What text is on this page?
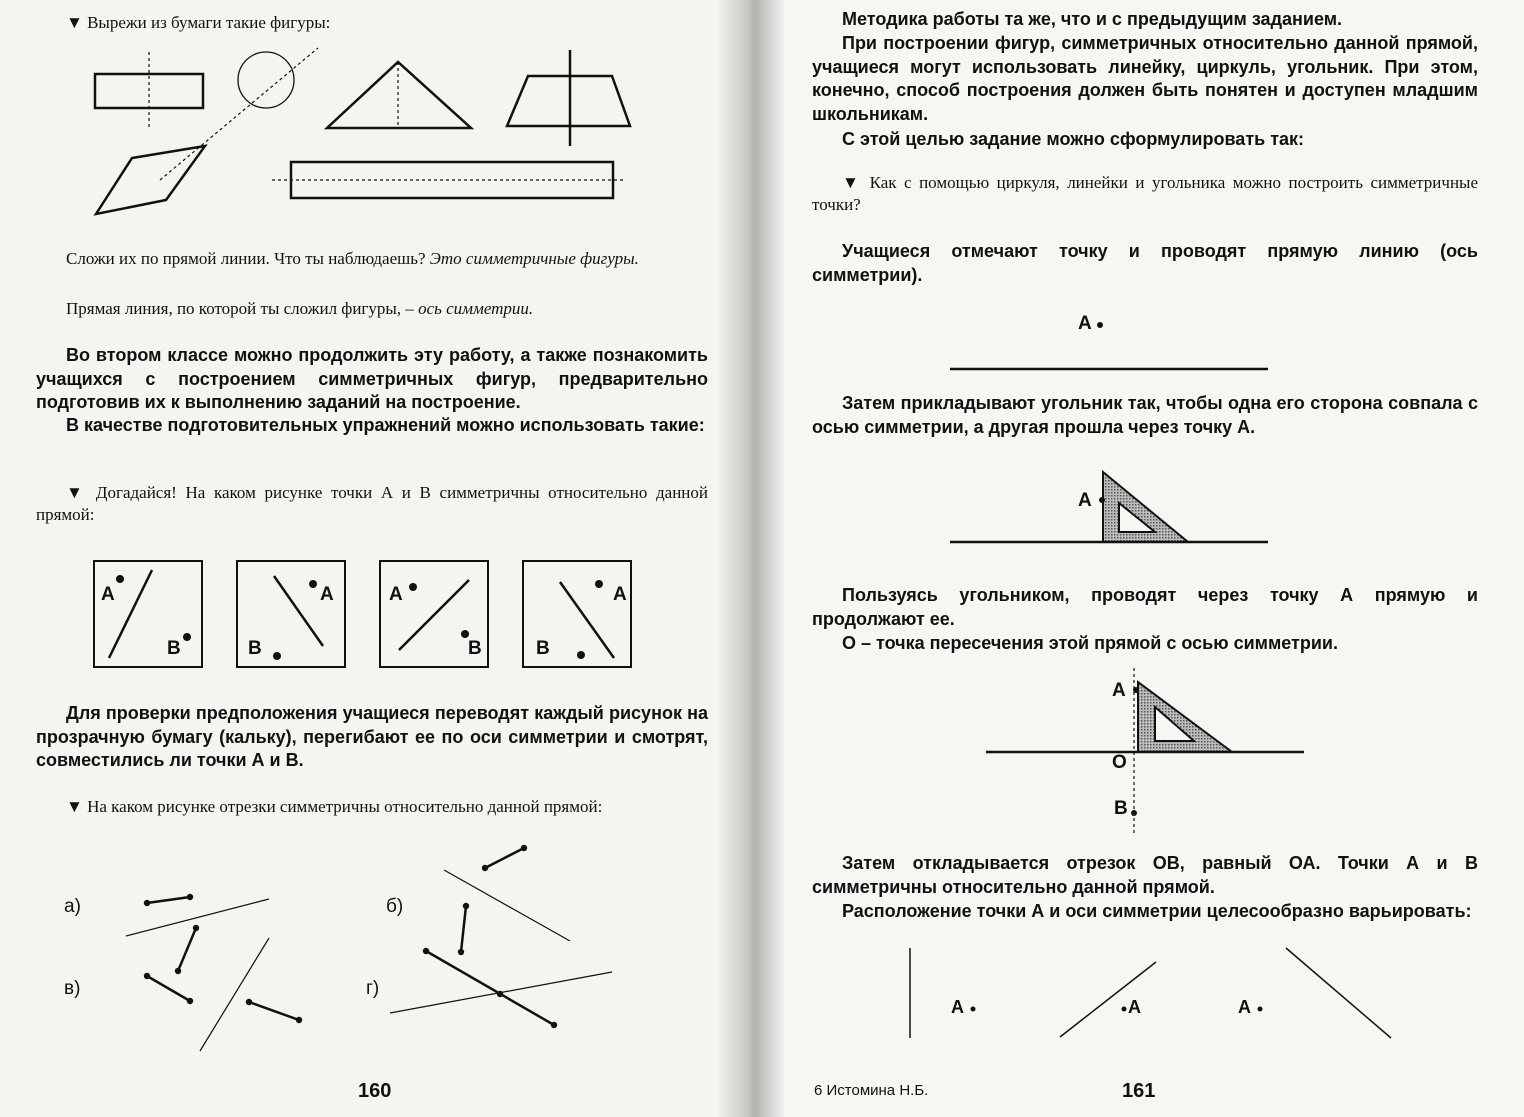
▼ Вырежи из бумаги такие фигуры:

Сложи их по прямой линии. Что ты наблюдаешь? Это симметричные фигуры.

Прямая линия, по которой ты сложил фигуры, – ось симметрии.

Во втором классе можно продолжить эту работу, а также познакомить учащихся с построением симметричных фигур, предварительно подготовив их к выполнению заданий на построение.

В качестве подготовительных упражнений можно использовать такие:

▼ Догадайся! На каком рисунке точки А и В симметричны относительно данной прямой:

A
B
A
B
A
B
A
B

Для проверки предположения учащиеся переводят каждый рисунок на прозрачную бумагу (кальку), перегибают ее по оси симметрии и смотрят, совместились ли точки А и В.

▼ На каком рисунке отрезки симметричны относительно данной прямой:

а)	б)
в)	г)
160

Методика работы та же, что и с предыдущим заданием.

При построении фигур, симметричных относительно данной прямой, учащиеся могут использовать линейку, циркуль, угольник. При этом, конечно, способ построения должен быть понятен и доступен младшим школьникам.

С этой целью задание можно сформулировать так:

▼ Как с помощью циркуля, линейки и угольника можно построить симметричные точки?

Учащиеся отмечают точку и проводят прямую линию (ось симметрии).

А

Затем прикладывают угольник так, чтобы одна его сторона совпала с осью симметрии, а другая прошла через точку А.

А

Пользуясь угольником, проводят через точку А прямую и продолжают ее.

О – точка пересечения этой прямой с осью симметрии.

А
О
В

Затем откладывается отрезок ОВ, равный ОА. Точки А и В симметричны относительно данной прямой.

Расположение точки А и оси симметрии целесообразно варьировать:

А	А	А
6 Истомина Н.Б.	161
